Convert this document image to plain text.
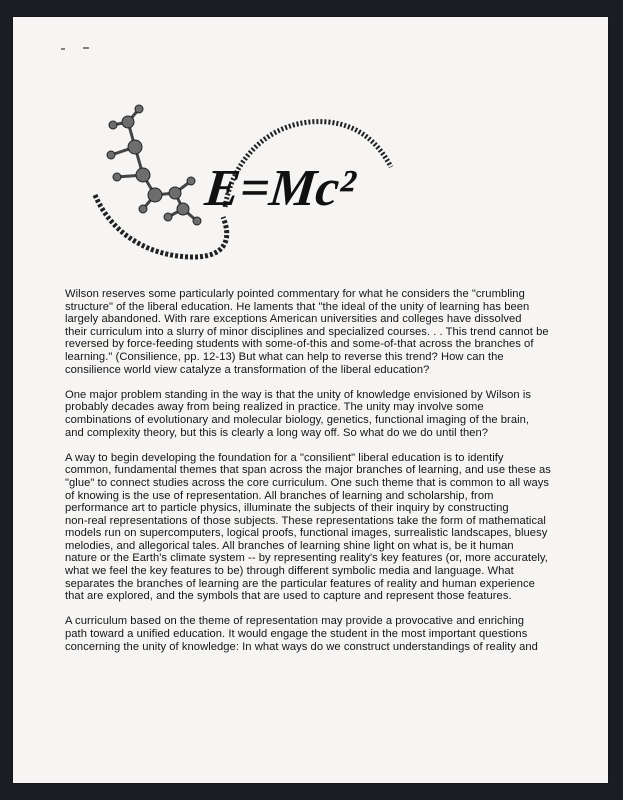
E=Mc²

Wilson reserves some particularly pointed commentary for what he considers the "crumbling
structure" of the liberal education. He laments that "the ideal of the unity of learning has been
largely abandoned. With rare exceptions American universities and colleges have dissolved
their curriculum into a slurry of minor disciplines and specialized courses. . . This trend cannot be
reversed by force-feeding students with some-of-this and some-of-that across the branches of
learning." (Consilience, pp. 12-13) But what can help to reverse this trend? How can the
consilience world view catalyze a transformation of the liberal education?

One major problem standing in the way is that the unity of knowledge envisioned by Wilson is
probably decades away from being realized in practice. The unity may involve some
combinations of evolutionary and molecular biology, genetics, functional imaging of the brain,
and complexity theory, but this is clearly a long way off. So what do we do until then?

A way to begin developing the foundation for a "consilient" liberal education is to identify
common, fundamental themes that span across the major branches of learning, and use these as
"glue" to connect studies across the core curriculum. One such theme that is common to all ways
of knowing is the use of representation. All branches of learning and scholarship, from
performance art to particle physics, illuminate the subjects of their inquiry by constructing
non-real representations of those subjects. These representations take the form of mathematical
models run on supercomputers, logical proofs, functional images, surrealistic landscapes, bluesy
melodies, and allegorical tales. All branches of learning shine light on what is, be it human
nature or the Earth's climate system -- by representing reality's key features (or, more accurately,
what we feel the key features to be) through different symbolic media and language. What
separates the branches of learning are the particular features of reality and human experience
that are explored, and the symbols that are used to capture and represent those features.

A curriculum based on the theme of representation may provide a provocative and enriching
path toward a unified education. It would engage the student in the most important questions
concerning the unity of knowledge: In what ways do we construct understandings of reality and
